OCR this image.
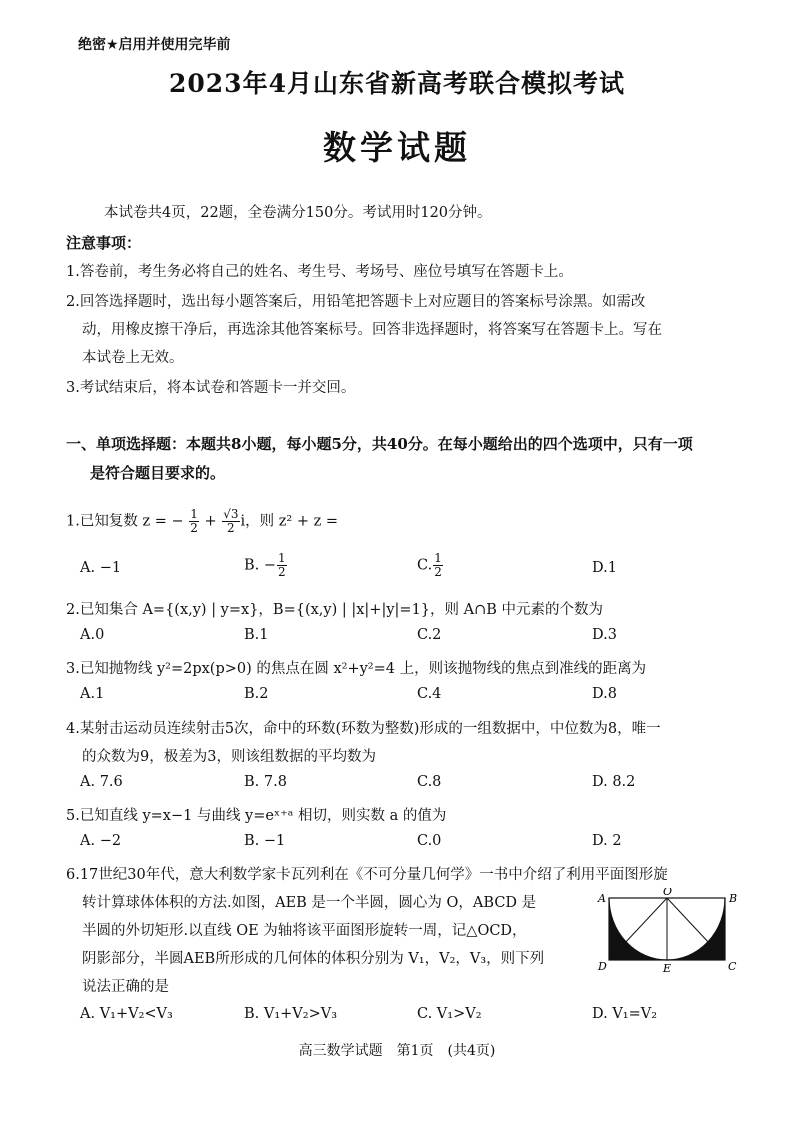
绝密★启用并使用完毕前
2023年4月山东省新高考联合模拟考试
数学试题
本试卷共4页，22题，全卷满分150分。考试用时120分钟。
注意事项：
1.答卷前，考生务必将自己的姓名、考生号、考场号、座位号填写在答题卡上。
2.回答选择题时，选出每小题答案后，用铅笔把答题卡上对应题目的答案标号涂黑。如需改
动，用橡皮擦干净后，再选涂其他答案标号。回答非选择题时，将答案写在答题卡上。写在
本试卷上无效。
3.考试结束后，将本试卷和答题卡一并交回。
一、单项选择题：本题共8小题，每小题5分，共40分。在每小题给出的四个选项中，只有一项
是符合题目要求的。
1.已知复数 z = − $\frac{1}{2} + \frac{√3}{2}$ i，则 z² + z =
A. −1	B. − $\frac{1}{2}$	C. $\frac{1}{2}$	D.1
2.已知集合 A={(x,y) | y=x}，B={(x,y) | |x|+|y|=1}，则 A∩B 中元素的个数为
A.0	B.1	C.2	D.3
3.已知抛物线 y²=2px(p>0) 的焦点在圆 x²+y²=4 上，则该抛物线的焦点到准线的距离为
A.1	B.2	C.4	D.8
4.某射击运动员连续射击5次，命中的环数(环数为整数)形成的一组数据中，中位数为8，唯一
的众数为9，极差为3，则该组数据的平均数为
A. 7.6	B. 7.8	C.8	D. 8.2
5.已知直线 y=x−1 与曲线 y=eˣ⁺ᵃ 相切，则实数 a 的值为
A. −2	B. −1	C.0	D. 2
6.17世纪30年代，意大利数学家卡瓦列利在《不可分量几何学》一书中介绍了利用平面图形旋
转计算球体体积的方法.如图，AEB 是一个半圆，圆心为 O，ABCD 是
半圆的外切矩形.以直线 OE 为轴将该平面图形旋转一周，记△OCD，
阴影部分，半圆AEB所形成的几何体的体积分别为 V₁，V₂，V₃，则下列
说法正确的是
A
O
B
D	E	C
A. V₁+V₂<V₃	B. V₁+V₂>V₃	C. V₁>V₂	D. V₁=V₂
高三数学试题　第1页　(共4页)
